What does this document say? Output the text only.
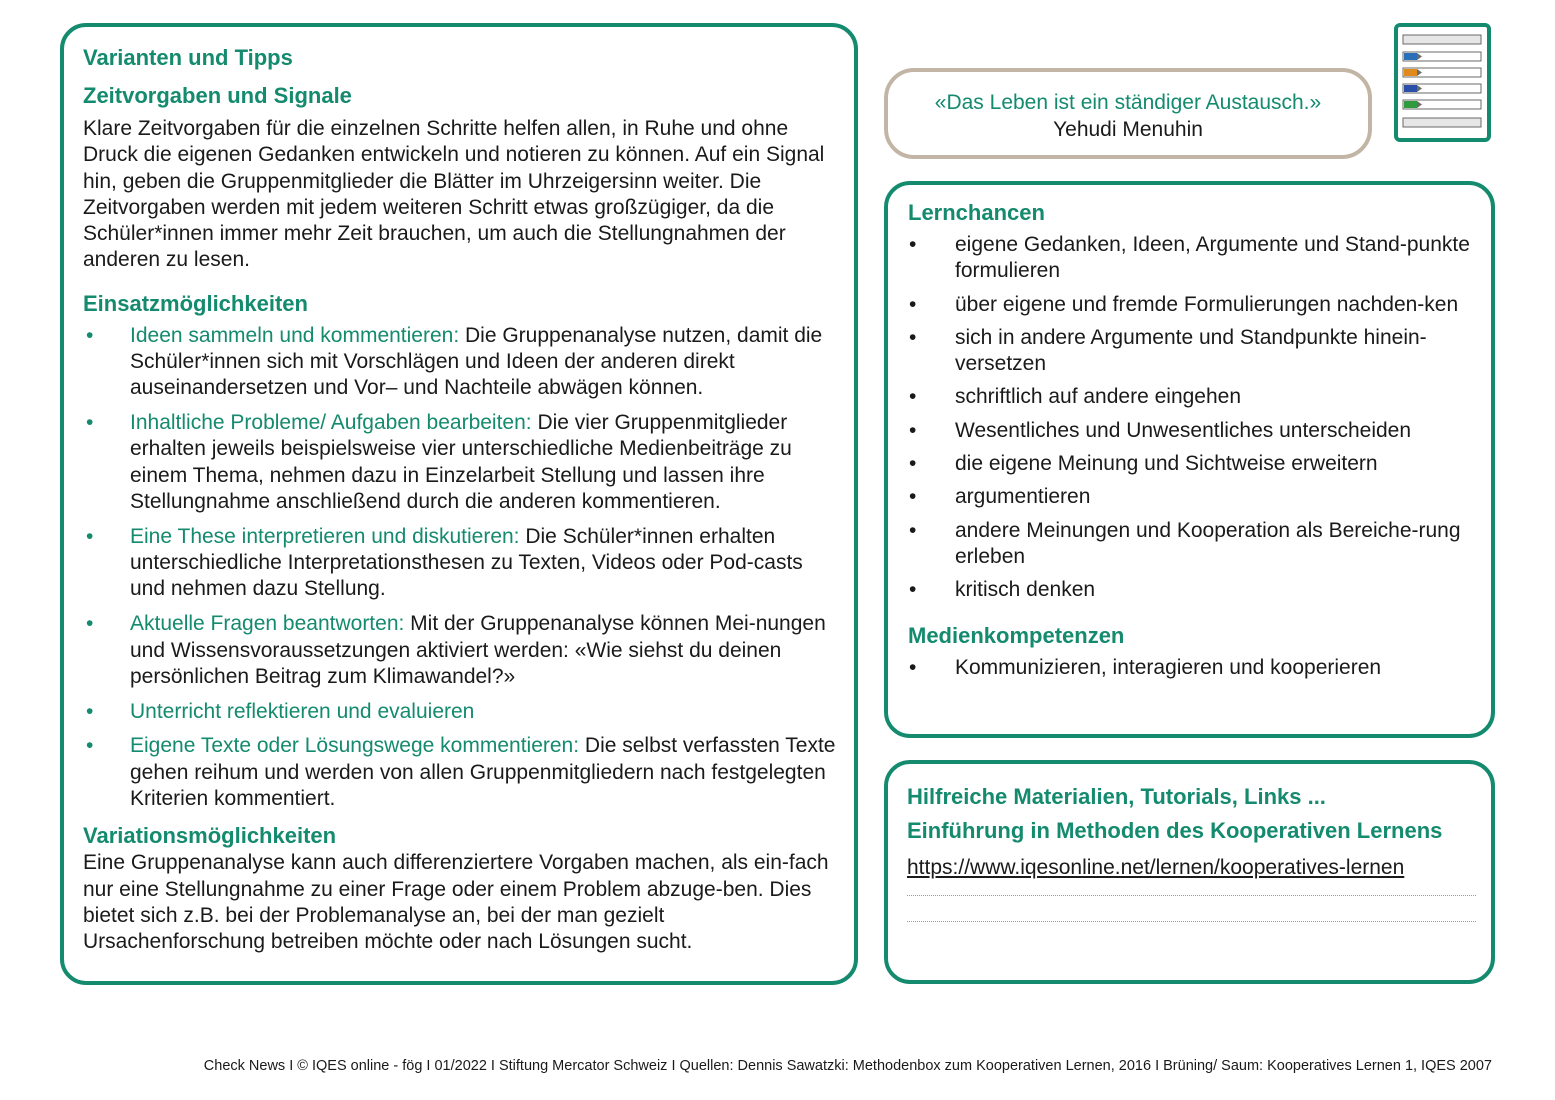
Varianten und Tipps
Zeitvorgaben und Signale

Klare Zeitvorgaben für die einzelnen Schritte helfen allen, in Ruhe und ohne Druck die eigenen Gedanken entwickeln und notieren zu können. Auf ein Signal hin, geben die Gruppenmitglieder die Blätter im Uhrzeigersinn weiter. Die Zeitvorgaben werden mit jedem weiteren Schritt etwas großzügiger, da die Schüler*innen immer mehr Zeit brauchen, um auch die Stellungnahmen der anderen zu lesen.

Einsatzmöglichkeiten
• Ideen sammeln und kommentieren: Die Gruppenanalyse nutzen, damit die Schüler*innen sich mit Vorschlägen und Ideen der anderen direkt auseinandersetzen und Vor– und Nachteile abwägen können.
• Inhaltliche Probleme/ Aufgaben bearbeiten: Die vier Gruppenmitglieder erhalten jeweils beispielsweise vier unterschiedliche Medienbeiträge zu einem Thema, nehmen dazu in Einzelarbeit Stellung und lassen ihre Stellungnahme anschließend durch die anderen kommentieren.
• Eine These interpretieren und diskutieren: Die Schüler*innen erhalten unterschiedliche Interpretationsthesen zu Texten, Videos oder Pod-casts und nehmen dazu Stellung.
• Aktuelle Fragen beantworten: Mit der Gruppenanalyse können Mei-nungen und Wissensvoraussetzungen aktiviert werden: «Wie siehst du deinen persönlichen Beitrag zum Klimawandel?»
• Unterricht reflektieren und evaluieren
• Eigene Texte oder Lösungswege kommentieren: Die selbst verfassten Texte gehen reihum und werden von allen Gruppenmitgliedern nach festgelegten Kriterien kommentiert.
Variationsmöglichkeiten

Eine Gruppenanalyse kann auch differenziertere Vorgaben machen, als ein-fach nur eine Stellungnahme zu einer Frage oder einem Problem abzuge-ben. Dies bietet sich z.B. bei der Problemanalyse an, bei der man gezielt Ursachenforschung betreiben möchte oder nach Lösungen sucht.

«Das Leben ist ein ständiger Austausch.»
Yehudi Menuhin
Lernchancen
• eigene Gedanken, Ideen, Argumente und Stand-punkte formulieren
• über eigene und fremde Formulierungen nachden-ken
• sich in andere Argumente und Standpunkte hinein-versetzen
• schriftlich auf andere eingehen
• Wesentliches und Unwesentliches unterscheiden
• die eigene Meinung und Sichtweise erweitern
• argumentieren
• andere Meinungen und Kooperation als Bereiche-rung erleben
• kritisch denken
Medienkompetenzen
• Kommunizieren, interagieren und kooperieren
Hilfreiche Materialien, Tutorials, Links ...
Einführung in Methoden des Kooperativen Lernens
https://www.iqesonline.net/lernen/kooperatives-lernen
Check News I © IQES online - fög I 01/2022 I Stiftung Mercator Schweiz I Quellen: Dennis Sawatzki: Methodenbox zum Kooperativen Lernen, 2016 I Brüning/ Saum: Kooperatives Lernen 1, IQES 2007
